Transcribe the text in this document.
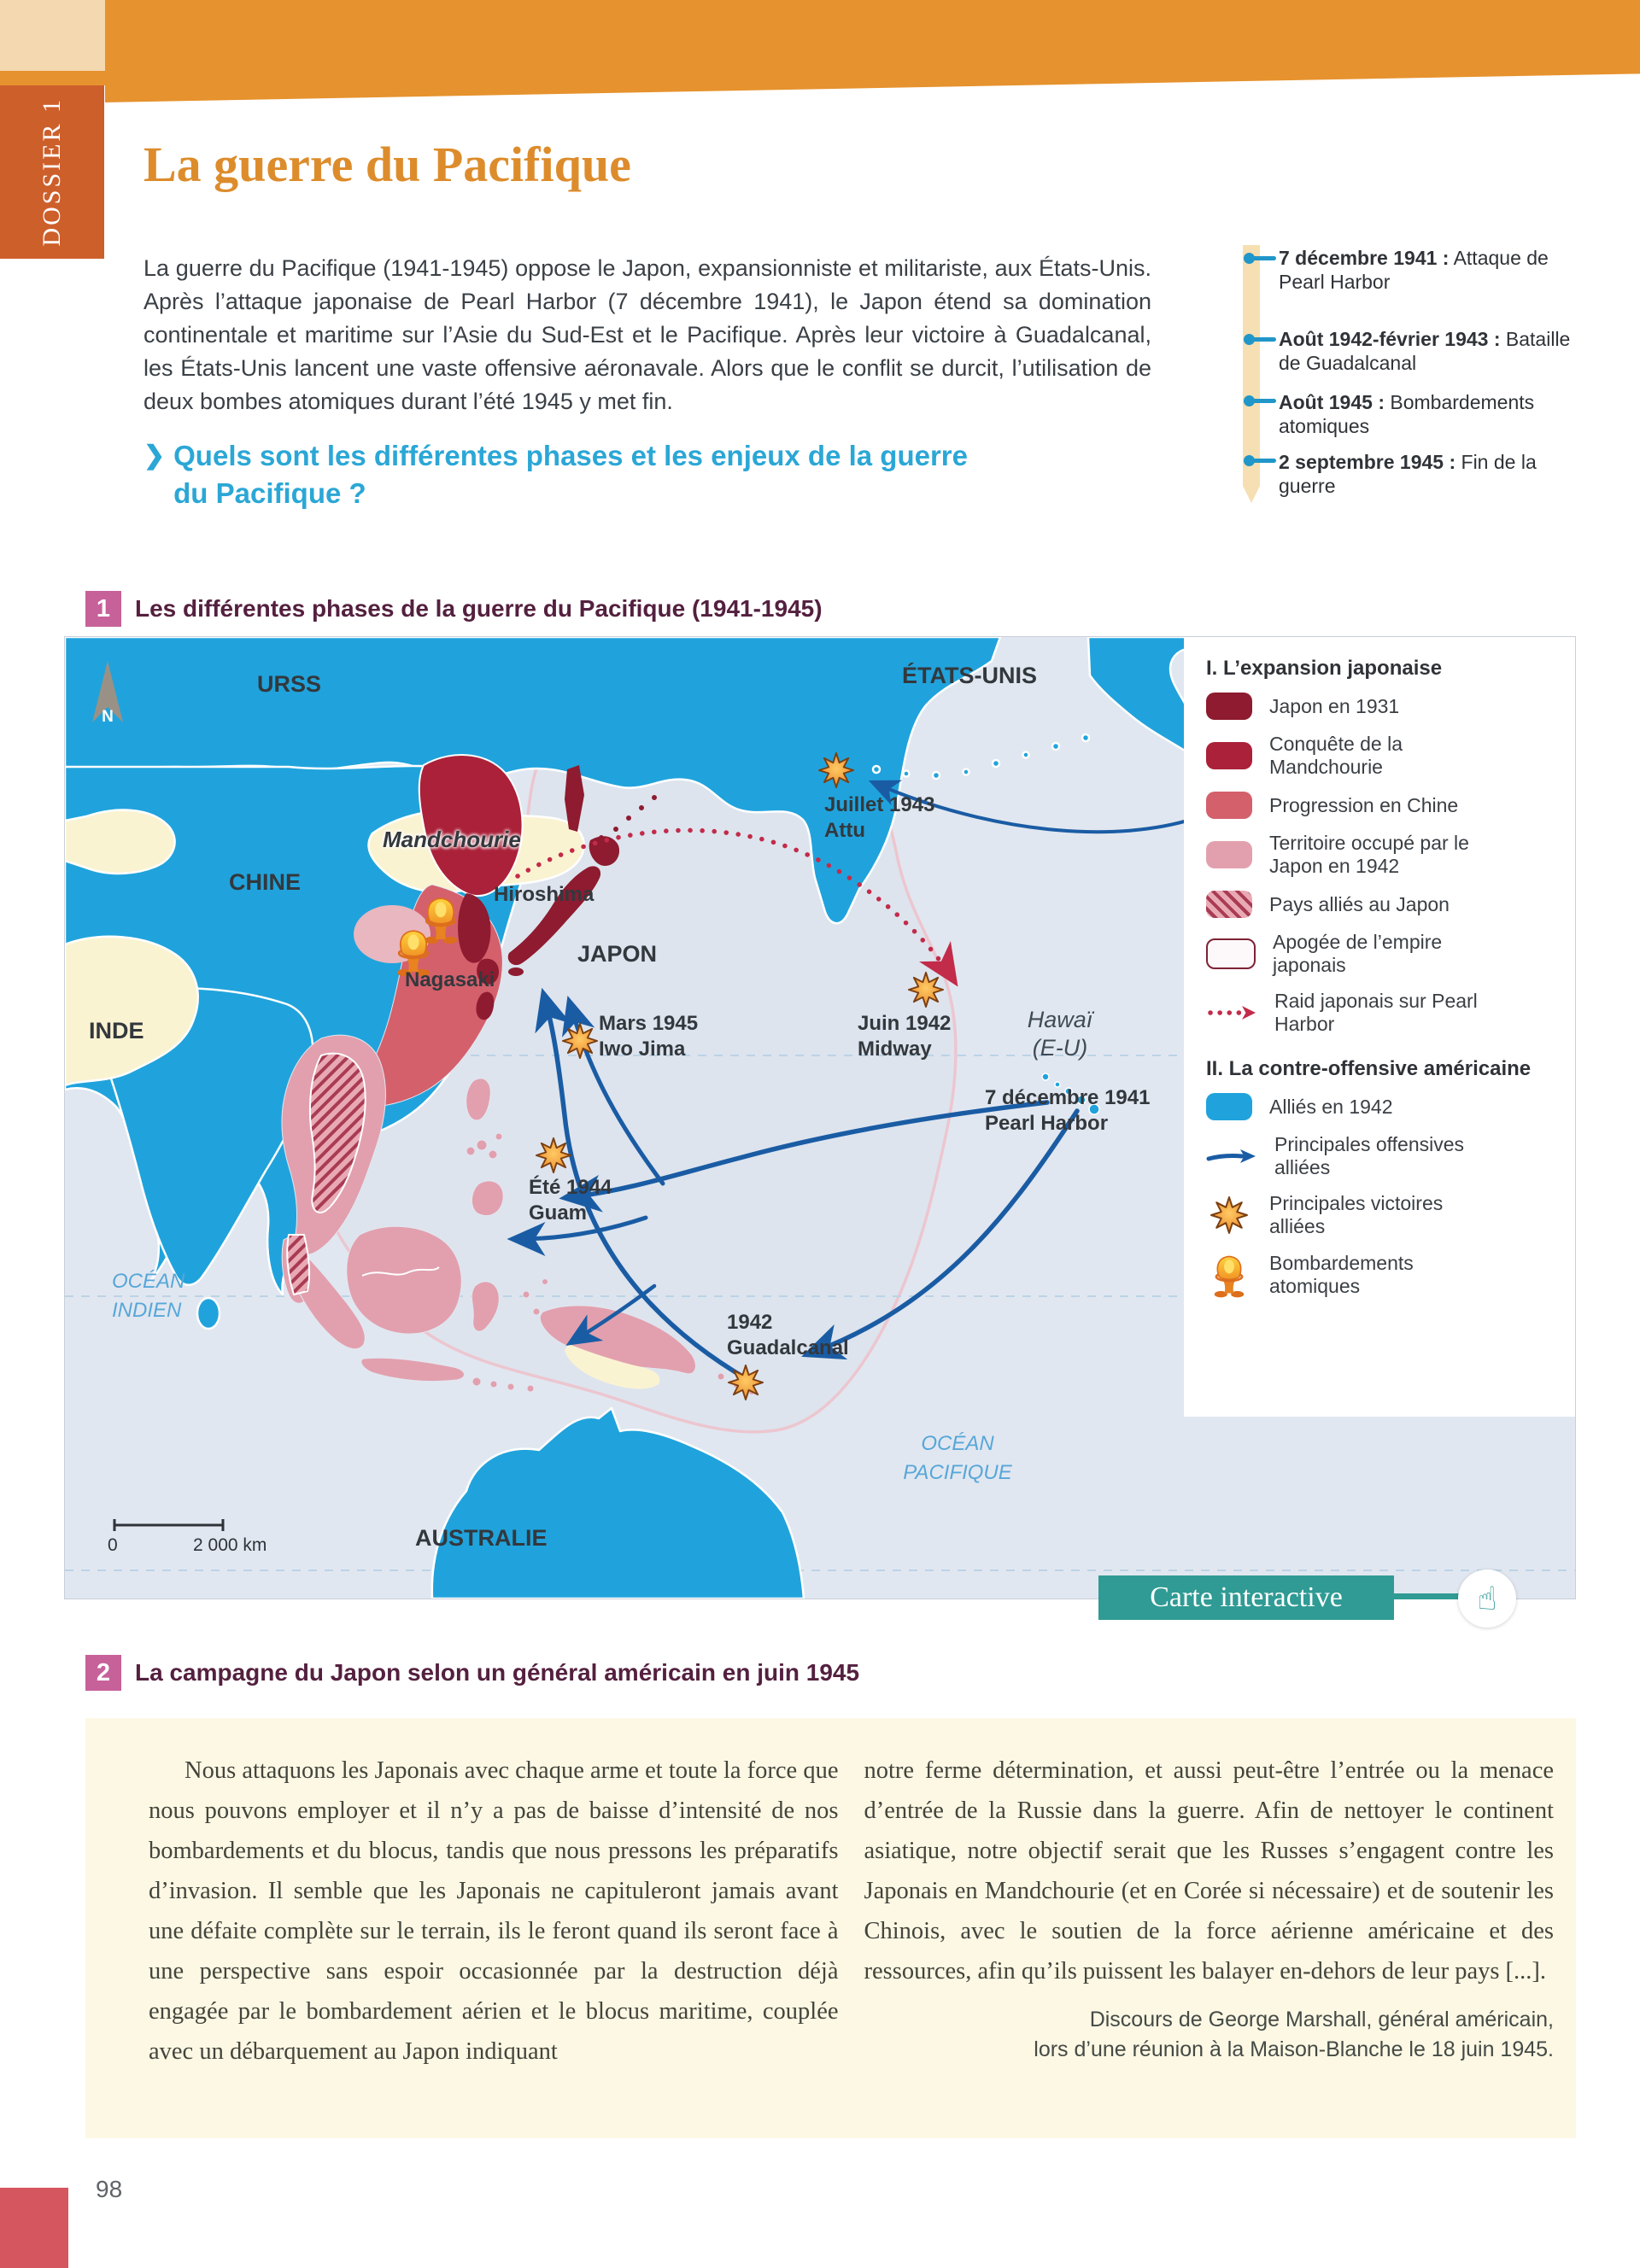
DOSSIER 1 La guerre du Pacifique

La guerre du Pacifique (1941-1945) oppose le Japon, expansionniste et militariste, aux États-Unis. Après l’attaque japonaise de Pearl Harbor (7 décembre 1941), le Japon étend sa domination continentale et maritime sur l’Asie du Sud-Est et le Pacifique. Après leur victoire à Guadalcanal, les États-Unis lancent une vaste offensive aéronavale. Alors que le conflit se durcit, l’utilisation de deux bombes atomiques durant l’été 1945 y met fin.

7 décembre 1941 : Attaque de Pearl Harbor
Août 1942-février 1943 : Bataille de Guadalcanal
Août 1945 : Bombardements atomiques
2 septembre 1945 : Fin de la guerre
❯ Quels sont les différentes phases et les enjeux de la guerre
du Pacifique ?
1	Les différentes phases de la guerre du Pacifique (1941-1945)
N
URSS	ÉTATS-UNIS
CHINE
INDE
AUSTRALIE
JAPON
Mandchourie
Hiroshima
Nagasaki
Hawaï
(E-U)
Juillet 1943
Attu
Juin 1942
Midway
Mars 1945
Iwo Jima
Été 1944
Guam
1942
Guadalcanal
7 décembre 1941
Pearl Harbor
OCÉAN
INDIEN
OCÉAN
PACIFIQUE
0	2 000 km
I. L’expansion japonaise
Japon en 1931
Conquête de la Mandchourie
Progression en Chine
Territoire occupé par le Japon en 1942
Pays alliés au Japon
Apogée de l’empire japonais
Raid japonais sur Pearl Harbor
II. La contre-offensive américaine
Alliés en 1942
Principales offensives alliées
Principales victoires alliées
Bombardements atomiques
Carte interactive	☝
2	La campagne du Japon selon un général américain en juin 1945

Nous attaquons les Japonais avec chaque arme et toute la force que nous pouvons employer et il n’y a pas de baisse d’intensité de nos bombardements et du blocus, tandis que nous pressons les préparatifs d’invasion. Il semble que les Japonais ne capituleront jamais avant une défaite complète sur le terrain, ils le feront quand ils seront face à une perspective sans espoir occasionnée par la destruction déjà engagée par le bombardement aérien et le blocus maritime, couplée avec un débarquement au Japon indiquant

notre ferme détermination, et aussi peut-être l’entrée ou la menace d’entrée de la Russie dans la guerre. Afin de nettoyer le continent asiatique, notre objectif serait que les Russes s’engagent contre les Japonais en Mandchourie (et en Corée si nécessaire) et de soutenir les Chinois, avec le soutien de la force aérienne américaine et des ressources, afin qu’ils puissent les balayer en-dehors de leur pays [...].

Discours de George Marshall, général américain,
lors d’une réunion à la Maison-Blanche le 18 juin 1945.
98
